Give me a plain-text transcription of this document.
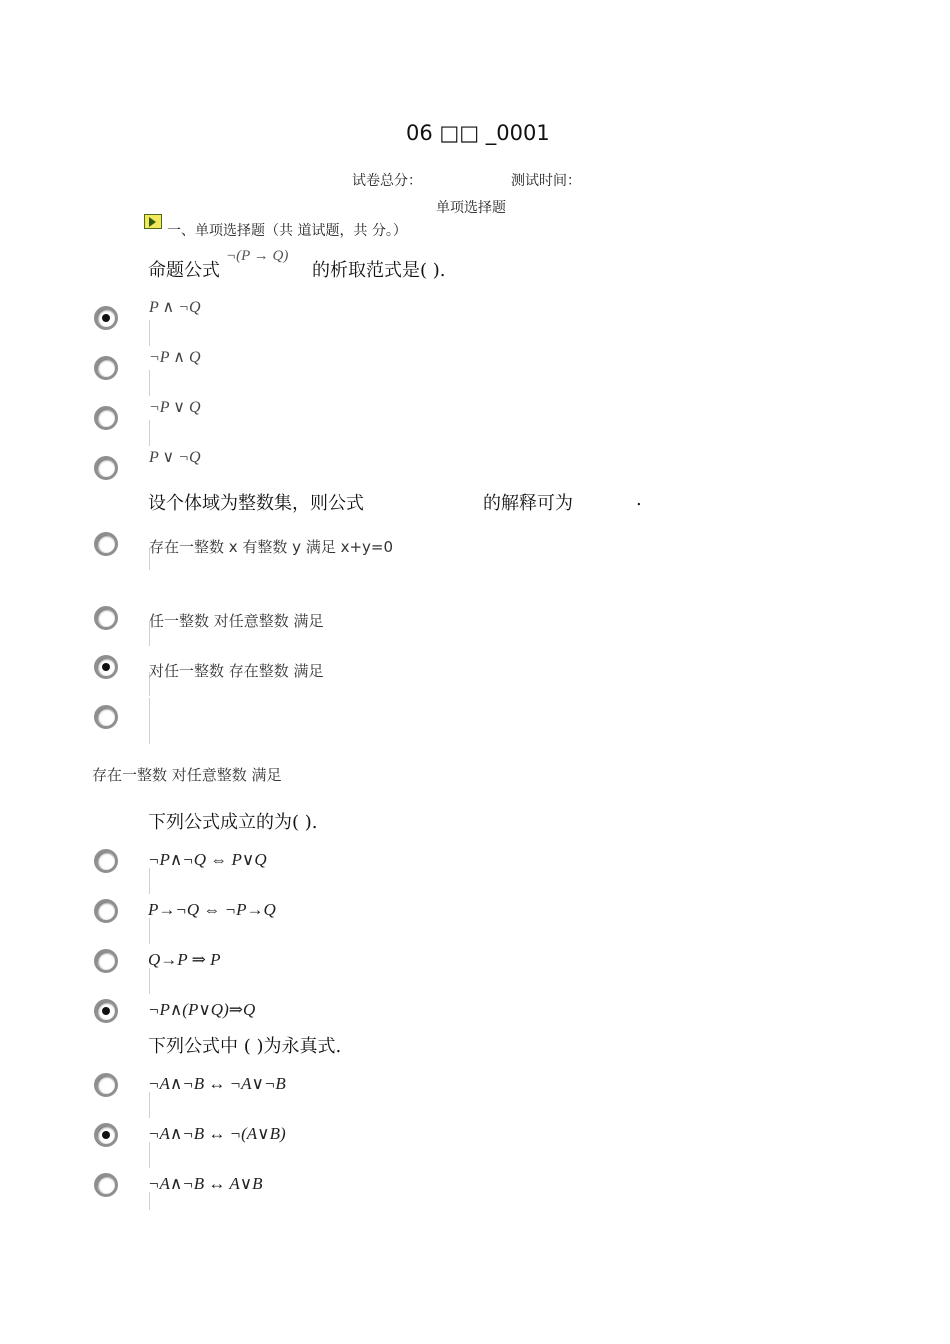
06 □□ _0001
试卷总分：	测试时间：
单项选择题
一、单项选择题（共 道试题，共 分。）
命题公式
¬(P → Q)
的析取范式是( ).
P ∧ ¬Q
¬P ∧ Q
¬P ∨ Q
P ∨ ¬Q
设个体域为整数集，则公式	的解释可为	.
存在一整数 x 有整数 y 满足 x+y=0
任一整数 对任意整数 满足
对任一整数 存在整数 满足
存在一整数 对任意整数 满足
下列公式成立的为( ).
¬P∧¬Q ⇔ P∨Q
P→¬Q ⇔ ¬P→Q
Q→P ⇒ P
¬P∧(P∨Q)⇒Q
下列公式中 ( )为永真式.
¬A∧¬B ↔ ¬A∨¬B
¬A∧¬B ↔ ¬(A∨B)
¬A∧¬B ↔ A∨B
